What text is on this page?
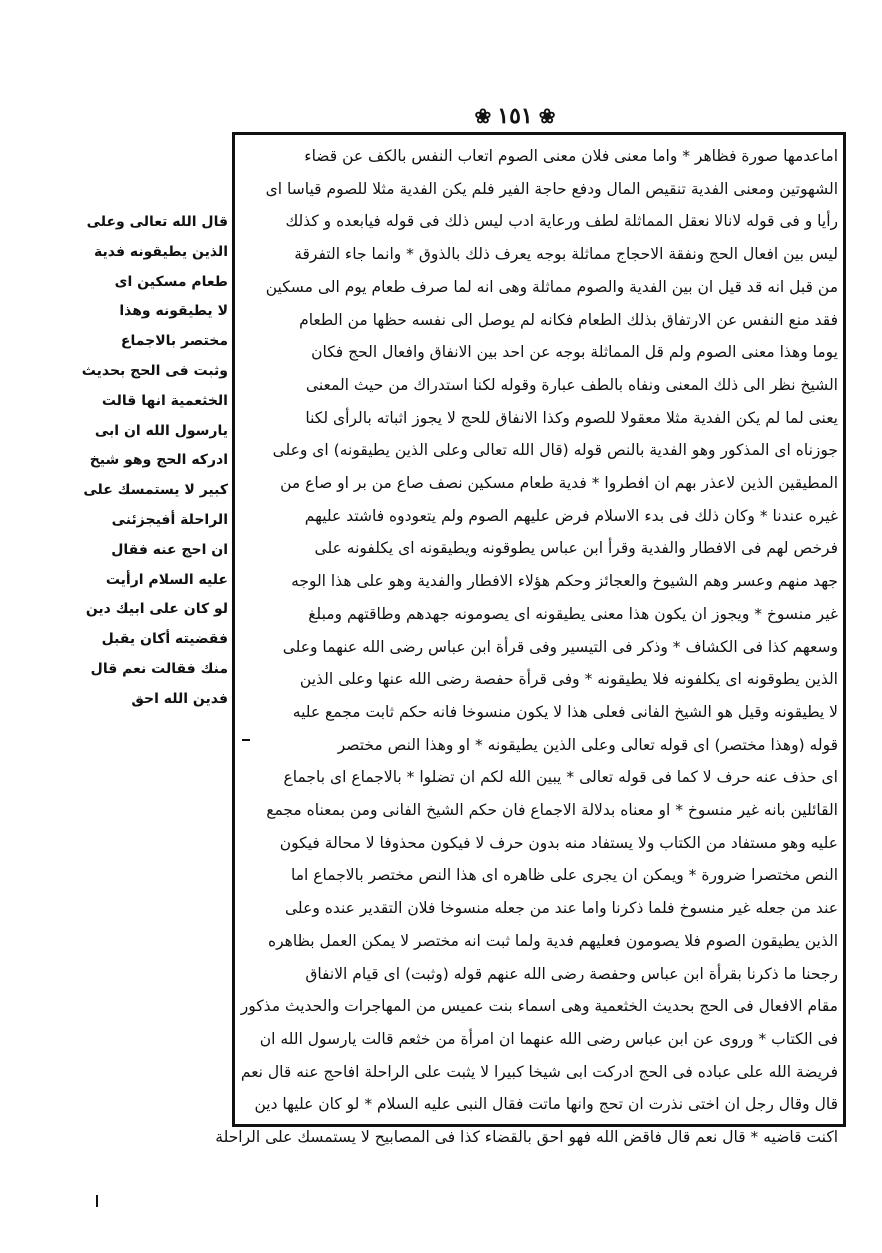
❀ ١٥١ ❀
اماعدمها صورة فظاهر * واما معنى فلان معنى الصوم اتعاب النفس بالكف عن قضاء
الشهوتين ومعنى الفدية تنقيص المال ودفع حاجة الفير فلم يكن الفدية مثلا للصوم قياسا اى
رأيا و فى قوله لانالا نعقل المماثلة لطف ورعاية ادب ليس ذلك فى قوله فيابعده و كذلك
ليس بين افعال الحج ونفقة الاحجاج مماثلة بوجه يعرف ذلك بالذوق * وانما جاء التفرقة
من قبل انه قد قيل ان بين الفدية والصوم مماثلة وهى انه لما صرف طعام يوم الى مسكين
فقد منع النفس عن الارتفاق بذلك الطعام فكانه لم يوصل الى نفسه حظها من الطعام
يوما وهذا معنى الصوم ولم قل المماثلة بوجه عن احد بين الانفاق وافعال الحج فكان
الشيخ نظر الى ذلك المعنى ونفاه بالطف عبارة وقوله لكنا استدراك من حيث المعنى
يعنى لما لم يكن الفدية مثلا معقولا للصوم وكذا الانفاق للحج لا يجوز اثباته بالرأى لكنا
جوزناه اى المذكور وهو الفدية بالنص قوله (قال الله تعالى وعلى الذين يطيقونه) اى وعلى
المطيقين الذين لاعذر بهم ان افطروا * فدية طعام مسكين نصف صاع من بر او صاع من
غيره عندنا * وكان ذلك فى بدء الاسلام فرض عليهم الصوم ولم يتعودوه فاشتد عليهم
فرخص لهم فى الافطار والفدية وقرأ ابن عباس يطوقونه ويطيقونه اى يكلفونه على
جهد منهم وعسر وهم الشيوخ والعجائز وحكم هؤلاء الافطار والفدية وهو على هذا الوجه
غير منسوخ * ويجوز ان يكون هذا معنى يطيقونه اى يصومونه جهدهم وطاقتهم ومبلغ
وسعهم كذا فى الكشاف * وذكر فى التيسير وفى قرأة ابن عباس رضى الله عنهما وعلى
الذين يطوقونه اى يكلفونه فلا يطيقونه * وفى قرأة حفصة رضى الله عنها وعلى الذين
لا يطيقونه وقيل هو الشيخ الفانى فعلى هذا لا يكون منسوخا فانه حكم ثابت مجمع عليه
قوله (وهذا مختصر) اى قوله تعالى وعلى الذين يطيقونه * او وهذا النص مختصر
اى حذف عنه حرف لا كما فى قوله تعالى * يبين الله لكم ان تضلوا * بالاجماع اى باجماع
القائلين بانه غير منسوخ * او معناه بدلالة الاجماع فان حكم الشيخ الفانى ومن بمعناه مجمع
عليه وهو مستفاد من الكتاب ولا يستفاد منه بدون حرف لا فيكون محذوفا لا محالة فيكون
النص مختصرا ضرورة * ويمكن ان يجرى على ظاهره اى هذا النص مختصر بالاجماع اما
عند من جعله غير منسوخ فلما ذكرنا واما عند من جعله منسوخا فلان التقدير عنده وعلى
الذين يطيقون الصوم فلا يصومون فعليهم فدية ولما ثبت انه مختصر لا يمكن العمل بظاهره
رجحنا ما ذكرنا بقرأة ابن عباس وحفصة رضى الله عنهم قوله (وثبت) اى قيام الانفاق
مقام الافعال فى الحج بحديث الخثعمية وهى اسماء بنت عميس من المهاجرات والحديث مذكور
فى الكتاب * وروى عن ابن عباس رضى الله عنهما ان امرأة من خثعم قالت يارسول الله ان
فريضة الله على عباده فى الحج ادركت ابى شيخا كبيرا لا يثبت على الراحلة افاحج عنه قال نعم
قال وقال رجل ان اختى نذرت ان تحج وانها ماتت فقال النبى عليه السلام * لو كان عليها دين
اكنت قاضيه * قال نعم قال فاقض الله فهو احق بالقضاء كذا فى المصابيح لا يستمسك على الراحلة
قال الله تعالى وعلى
الذين يطيقونه فدية
طعام مسكين اى
لا يطيقونه وهذا
مختصر بالاجماع
وثبت فى الحج بحديث
الخثعمية انها قالت
يارسول الله ان ابى
ادركه الحج وهو شيخ
كبير لا يستمسك على
الراحلة أفيجزئنى
ان احج عنه فقال
عليه السلام ارأيت
لو كان على ابيك دين
فقضيته أكان يقبل
منك فقالت نعم قال
فدين الله احق
